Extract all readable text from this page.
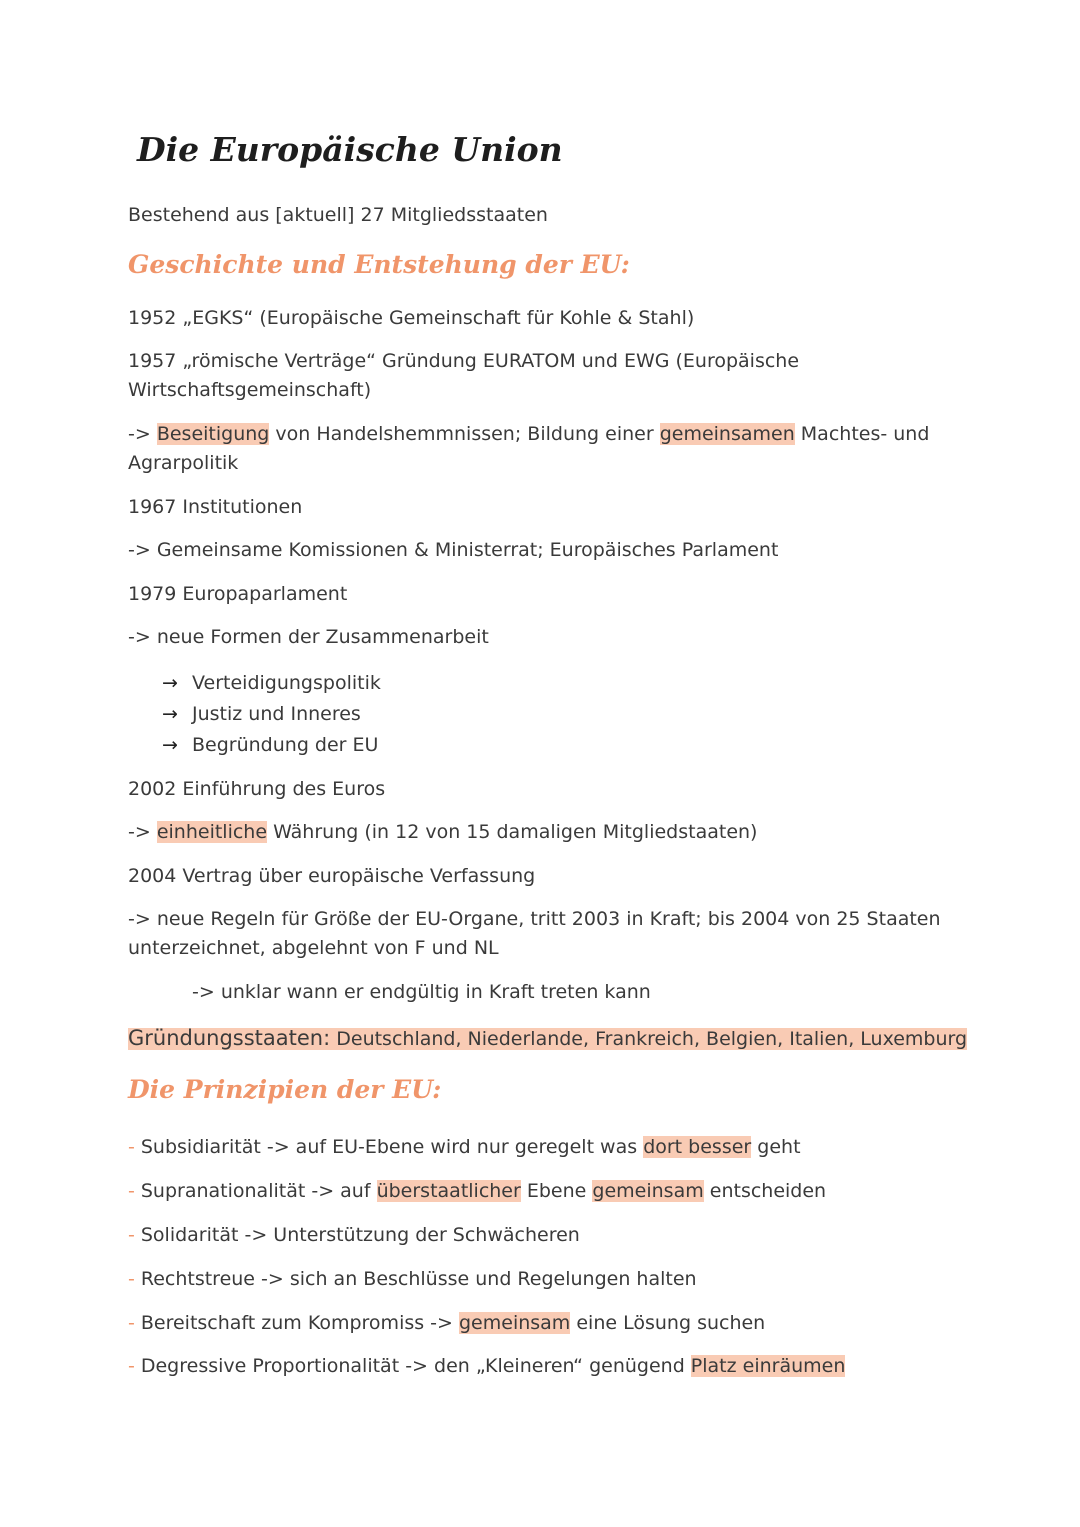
Die Europäische Union

Bestehend aus [aktuell] 27 Mitgliedsstaaten

Geschichte und Entstehung der EU:

1952 „EGKS“ (Europäische Gemeinschaft für Kohle & Stahl)

1957 „römische Verträge“ Gründung EURATOM und EWG (Europäische

Wirtschaftsgemeinschaft)

-> Beseitigung von Handelshemmnissen; Bildung einer gemeinsamen Machtes- und

Agrarpolitik

1967 Institutionen

-> Gemeinsame Komissionen & Ministerrat; Europäisches Parlament

1979 Europaparlament

-> neue Formen der Zusammenarbeit

→ Verteidigungspolitik

→ Justiz und Inneres

→ Begründung der EU

2002 Einführung des Euros

-> einheitliche Währung (in 12 von 15 damaligen Mitgliedstaaten)

2004 Vertrag über europäische Verfassung

-> neue Regeln für Größe der EU-Organe, tritt 2003 in Kraft; bis 2004 von 25 Staaten

unterzeichnet, abgelehnt von F und NL

-> unklar wann er endgültig in Kraft treten kann

Gründungsstaaten: Deutschland, Niederlande, Frankreich, Belgien, Italien, Luxemburg

Die Prinzipien der EU:

- Subsidiarität -> auf EU-Ebene wird nur geregelt was dort besser geht

- Supranationalität -> auf überstaatlicher Ebene gemeinsam entscheiden

- Solidarität -> Unterstützung der Schwächeren

- Rechtstreue -> sich an Beschlüsse und Regelungen halten

- Bereitschaft zum Kompromiss -> gemeinsam eine Lösung suchen

- Degressive Proportionalität -> den „Kleineren“ genügend Platz einräumen
